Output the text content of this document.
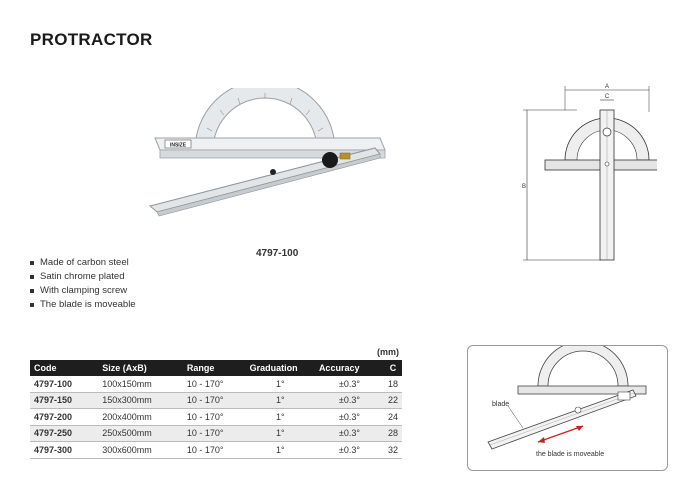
PROTRACTOR
INSIZE
4797-100
Made of carbon steel
Satin chrome plated
With clamping screw
The blade is moveable
A
C
B
(mm)
Code	Size (AxB)	Range	Graduation	Accuracy	C
4797-100	100x150mm	10 - 170°	1°	±0.3°	18
4797-150	150x300mm	10 - 170°	1°	±0.3°	22
4797-200	200x400mm	10 - 170°	1°	±0.3°	24
4797-250	250x500mm	10 - 170°	1°	±0.3°	28
4797-300	300x600mm	10 - 170°	1°	±0.3°	32
blade
the blade is moveable
